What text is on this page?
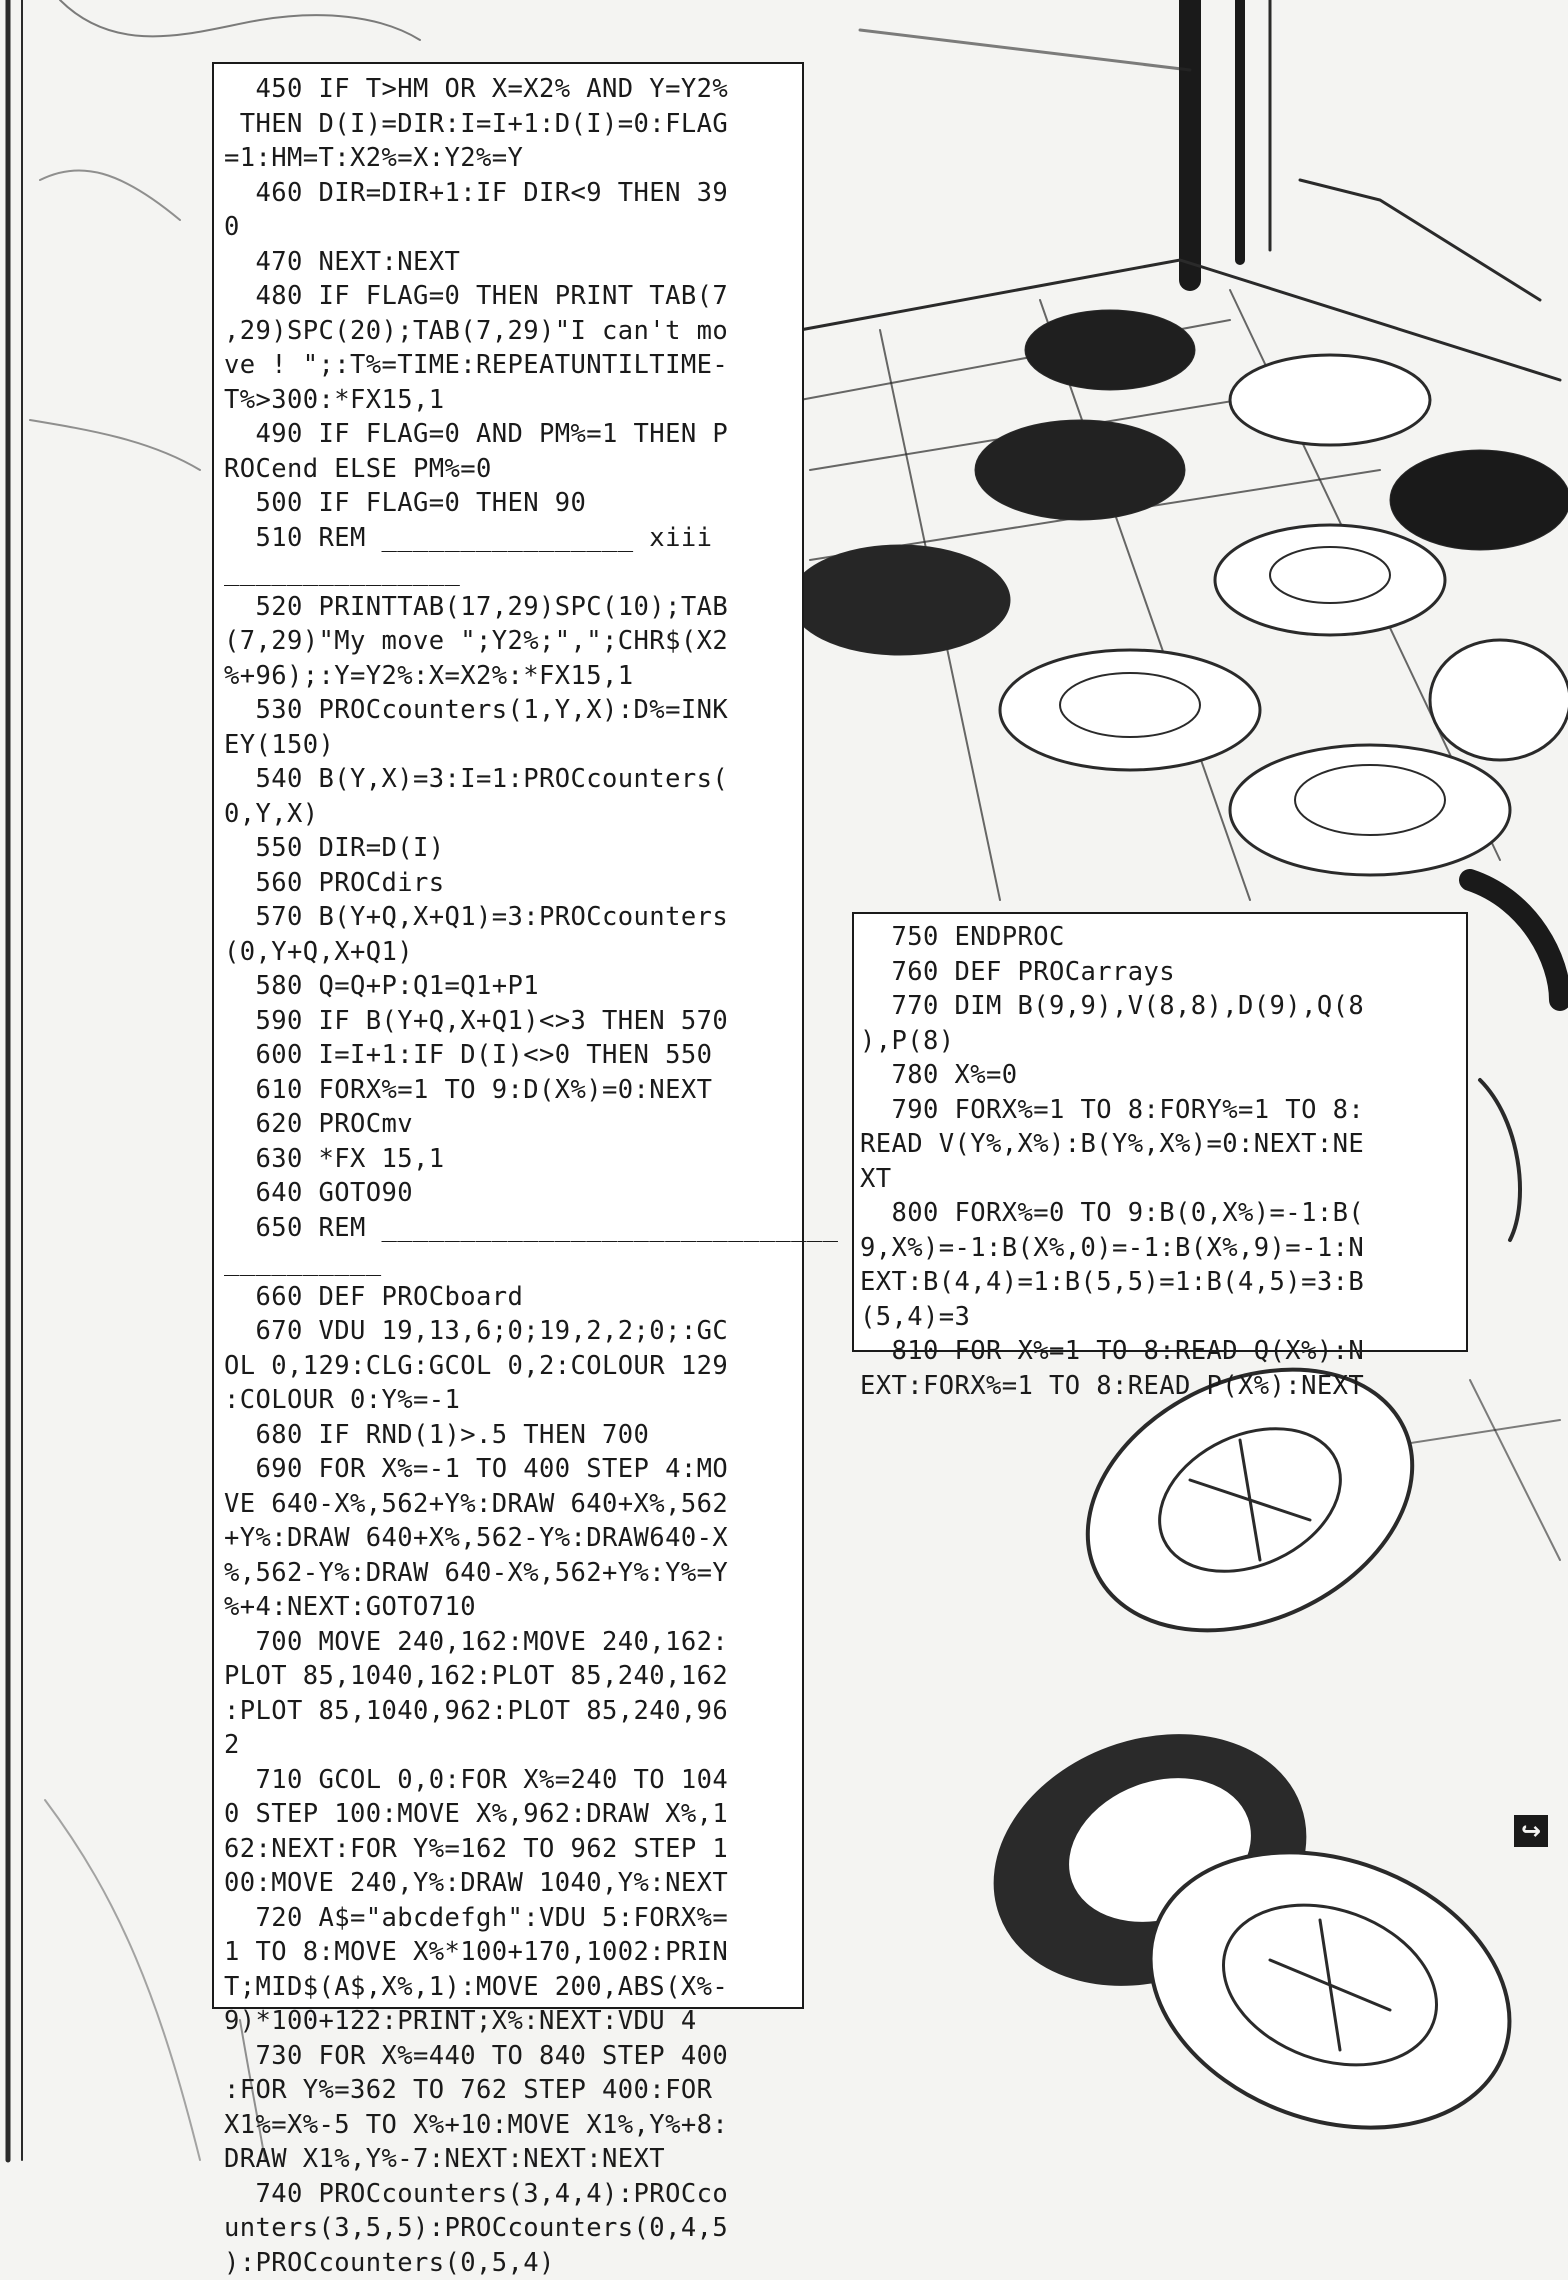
450 IF T>HM OR X=X2% AND Y=Y2%
THEN D(I)=DIR:I=I+1:D(I)=0:FLAG
=1:HM=T:X2%=X:Y2%=Y
460 DIR=DIR+1:IF DIR<9 THEN 39
0
470 NEXT:NEXT
480 IF FLAG=0 THEN PRINT TAB(7
,29)SPC(20);TAB(7,29)"I can't mo
ve ! ";:T%=TIME:REPEATUNTILTIME-
T%>300:*FX15,1
490 IF FLAG=0 AND PM%=1 THEN P
ROCend ELSE PM%=0
500 IF FLAG=0 THEN 90
510 REM ________________ xiii
_______________
520 PRINTTAB(17,29)SPC(10);TAB
(7,29)"My move ";Y2%;",";CHR$(X2
%+96);:Y=Y2%:X=X2%:*FX15,1
530 PROCcounters(1,Y,X):D%=INK
EY(150)
540 B(Y,X)=3:I=1:PROCcounters(
0,Y,X)
550 DIR=D(I)
560 PROCdirs
570 B(Y+Q,X+Q1)=3:PROCcounters
(0,Y+Q,X+Q1)
580 Q=Q+P:Q1=Q1+P1
590 IF B(Y+Q,X+Q1)<>3 THEN 570
600 I=I+1:IF D(I)<>0 THEN 550
610 FORX%=1 TO 9:D(X%)=0:NEXT
620 PROCmv
630 *FX 15,1
640 GOTO90
650 REM _____________________________
__________
660 DEF PROCboard
670 VDU 19,13,6;0;19,2,2;0;:GC
OL 0,129:CLG:GCOL 0,2:COLOUR 129
:COLOUR 0:Y%=-1
680 IF RND(1)>.5 THEN 700
690 FOR X%=-1 TO 400 STEP 4:MO
VE 640-X%,562+Y%:DRAW 640+X%,562
+Y%:DRAW 640+X%,562-Y%:DRAW640-X
%,562-Y%:DRAW 640-X%,562+Y%:Y%=Y
%+4:NEXT:GOTO710
700 MOVE 240,162:MOVE 240,162:
PLOT 85,1040,162:PLOT 85,240,162
:PLOT 85,1040,962:PLOT 85,240,96
2
710 GCOL 0,0:FOR X%=240 TO 104
0 STEP 100:MOVE X%,962:DRAW X%,1
62:NEXT:FOR Y%=162 TO 962 STEP 1
00:MOVE 240,Y%:DRAW 1040,Y%:NEXT
720 A$="abcdefgh":VDU 5:FORX%=
1 TO 8:MOVE X%*100+170,1002:PRIN
T;MID$(A$,X%,1):MOVE 200,ABS(X%-
9)*100+122:PRINT;X%:NEXT:VDU 4
730 FOR X%=440 TO 840 STEP 400
:FOR Y%=362 TO 762 STEP 400:FOR
X1%=X%-5 TO X%+10:MOVE X1%,Y%+8:
DRAW X1%,Y%-7:NEXT:NEXT:NEXT
740 PROCcounters(3,4,4):PROCco
unters(3,5,5):PROCcounters(0,4,5
):PROCcounters(0,5,4)
750 ENDPROC
760 DEF PROCarrays
770 DIM B(9,9),V(8,8),D(9),Q(8
),P(8)
780 X%=0
790 FORX%=1 TO 8:FORY%=1 TO 8:
READ V(Y%,X%):B(Y%,X%)=0:NEXT:NE
XT
800 FORX%=0 TO 9:B(0,X%)=-1:B(
9,X%)=-1:B(X%,0)=-1:B(X%,9)=-1:N
EXT:B(4,4)=1:B(5,5)=1:B(4,5)=3:B
(5,4)=3
810 FOR X%=1 TO 8:READ Q(X%):N
EXT:FORX%=1 TO 8:READ P(X%):NEXT
↪
